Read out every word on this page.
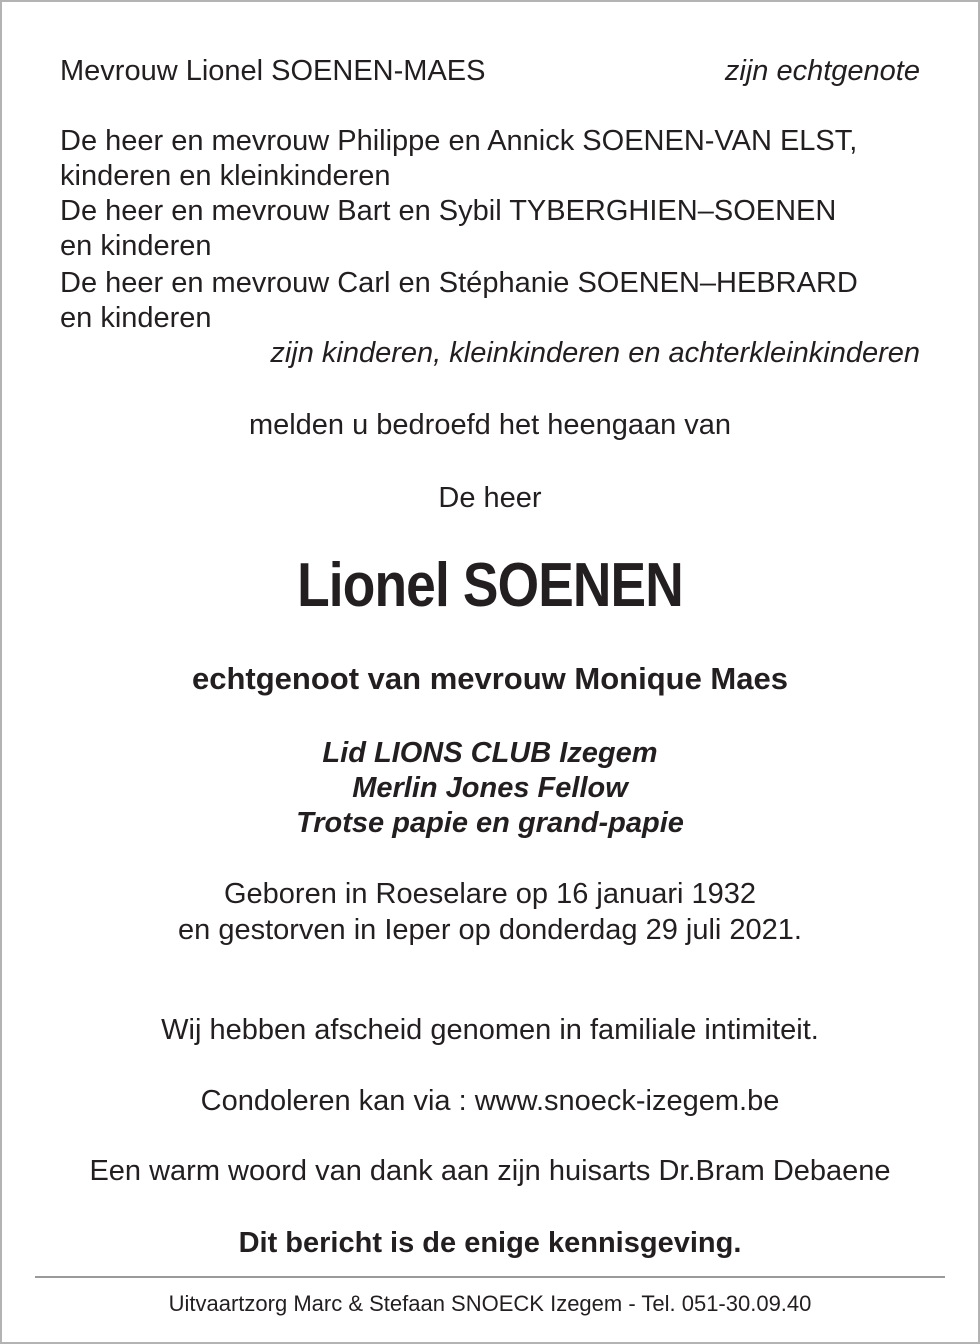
Mevrouw Lionel SOENEN-MAES	zijn echtgenote
De heer en mevrouw Philippe en Annick SOENEN-VAN ELST,
kinderen en kleinkinderen
De heer en mevrouw Bart en Sybil TYBERGHIEN–SOENEN
en kinderen
De heer en mevrouw Carl en Stéphanie SOENEN–HEBRARD
en kinderen
zijn kinderen, kleinkinderen en achterkleinkinderen
melden u bedroefd het heengaan van
De heer
Lionel SOENEN
echtgenoot van mevrouw Monique Maes
Lid LIONS CLUB Izegem
Merlin Jones Fellow
Trotse papie en grand-papie
Geboren in Roeselare op 16 januari 1932
en gestorven in Ieper op donderdag 29 juli 2021.
Wij hebben afscheid genomen in familiale intimiteit.
Condoleren kan via : www.snoeck-izegem.be
Een warm woord van dank aan zijn huisarts Dr.Bram Debaene
Dit bericht is de enige kennisgeving.
Uitvaartzorg Marc & Stefaan SNOECK Izegem - Tel. 051-30.09.40
